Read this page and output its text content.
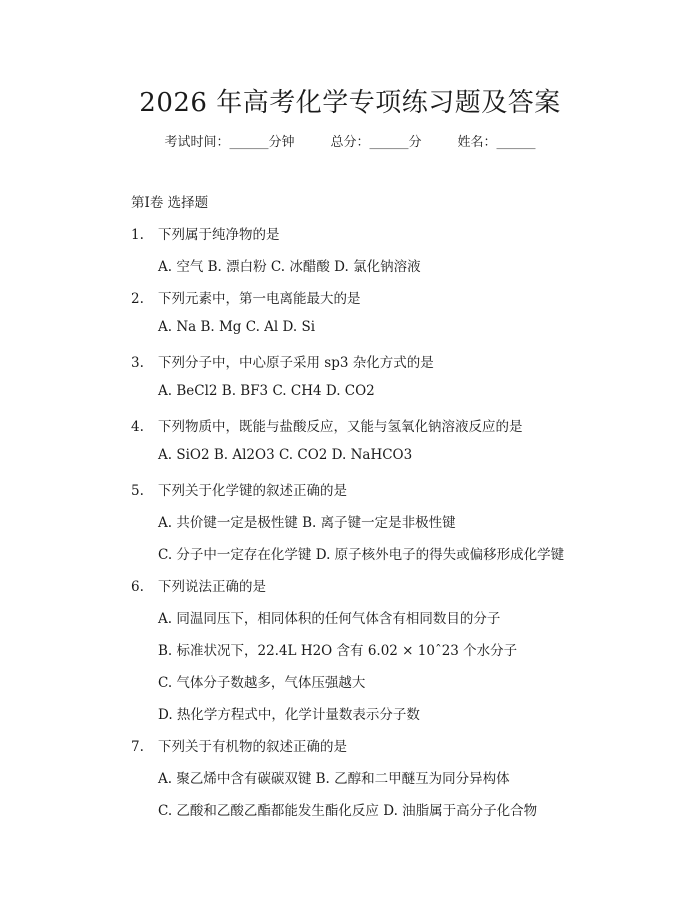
2026 年高考化学专项练习题及答案
考试时间：______分钟	总分：______分	姓名：______
第Ⅰ卷 选择题
1. 下列属于纯净物的是
A. 空气 B. 漂白粉 C. 冰醋酸 D. 氯化钠溶液
2. 下列元素中，第一电离能最大的是
A. Na B. Mg C. Al D. Si
3. 下列分子中，中心原子采用 sp3 杂化方式的是
A. BeCl2 B. BF3 C. CH4 D. CO2
4. 下列物质中，既能与盐酸反应，又能与氢氧化钠溶液反应的是
A. SiO2 B. Al2O3 C. CO2 D. NaHCO3
5. 下列关于化学键的叙述正确的是
A. 共价键一定是极性键 B. 离子键一定是非极性键
C. 分子中一定存在化学键 D. 原子核外电子的得失或偏移形成化学键
6. 下列说法正确的是
A. 同温同压下，相同体积的任何气体含有相同数目的分子
B. 标准状况下，22.4L H2O 含有 6.02 × 10ˆ23 个水分子
C. 气体分子数越多，气体压强越大
D. 热化学方程式中，化学计量数表示分子数
7. 下列关于有机物的叙述正确的是
A. 聚乙烯中含有碳碳双键 B. 乙醇和二甲醚互为同分异构体
C. 乙酸和乙酸乙酯都能发生酯化反应 D. 油脂属于高分子化合物
